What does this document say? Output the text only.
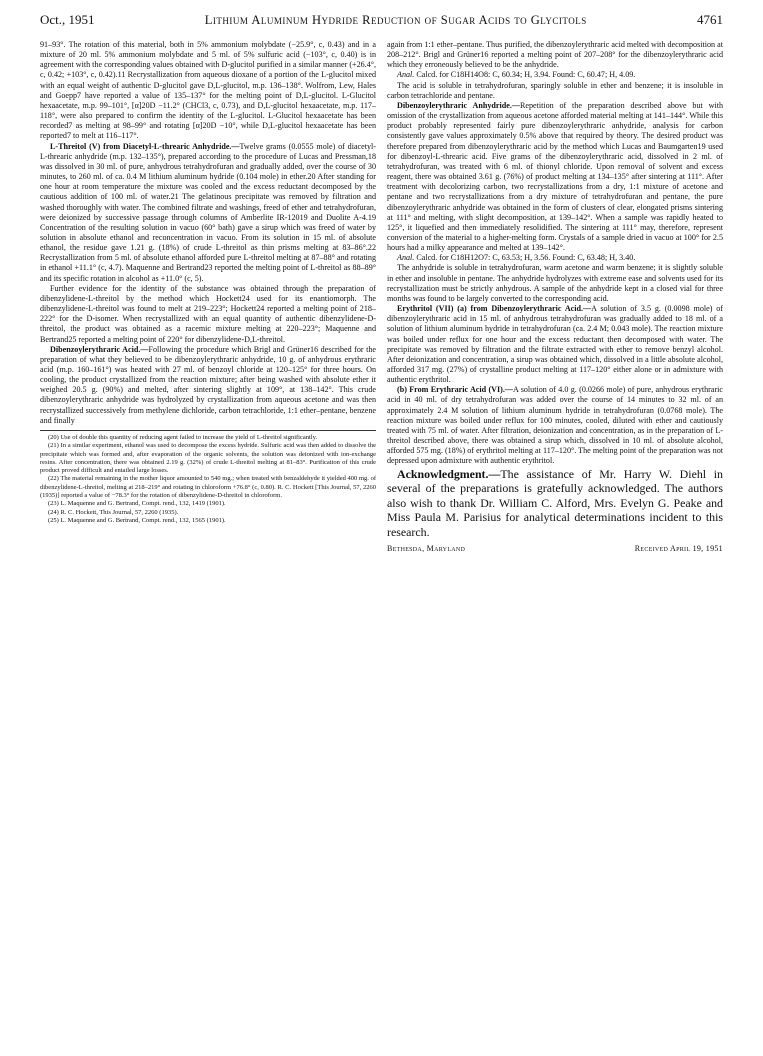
Oct., 1951	Lithium Aluminum Hydride Reduction of Sugar Acids to Glycitols	4761

91–93°. The rotation of this material, both in 5% ammonium molybdate (−25.9°, c, 0.43) and in a mixture of 20 ml. 5% ammonium molybdate and 5 ml. of 5% sulfuric acid (−103°, c, 0.40) is in agreement with the corresponding values obtained with D-glucitol purified in a similar manner (+26.4°, c, 0.42; +103°, c, 0.42).11 Recrystallization from aqueous dioxane of a portion of the L-glucitol mixed with an equal weight of authentic D-glucitol gave D,L-glucitol, m.p. 136–138°. Wolfrom, Lew, Hales and Goepp7 have reported a value of 135–137° for the melting point of D,L-glucitol. L-Glucitol hexaacetate, m.p. 99–101°, [α]20D −11.2° (CHCl3, c, 0.73), and D,L-glucitol hexaacetate, m.p. 117–118°, were also prepared to confirm the identity of the L-glucitol. L-Glucitol hexaacetate has been recorded7 as melting at 98–99° and rotating [α]20D −10°, while D,L-glucitol hexaacetate has been reported7 to melt at 116–117°.

L-Threitol (V) from Diacetyl-L-threaric Anhydride.—Twelve grams (0.0555 mole) of diacetyl-L-threaric anhydride (m.p. 132–135°), prepared according to the procedure of Lucas and Pressman,18 was dissolved in 30 ml. of pure, anhydrous tetrahydrofuran and gradually added, over the course of 30 minutes, to 260 ml. of ca. 0.4 M lithium aluminum hydride (0.104 mole) in ether.20 After standing for one hour at room temperature the mixture was cooled and the excess reductant decomposed by the cautious addition of 100 ml. of water.21 The gelatinous precipitate was removed by filtration and washed thoroughly with water. The combined filtrate and washings, freed of ether and tetrahydrofuran, were deionized by successive passage through columns of Amberlite IR-12019 and Duolite A-4.19 Concentration of the resulting solution in vacuo (60° bath) gave a sirup which was freed of water by solution in absolute ethanol and reconcentration in vacuo. From its solution in 15 ml. of absolute ethanol, the residue gave 1.21 g. (18%) of crude L-threitol as thin prisms melting at 83–86°.22 Recrystallization from 5 ml. of absolute ethanol afforded pure L-threitol melting at 87–88° and rotating in ethanol +11.1° (c, 4.7). Maquenne and Bertrand23 reported the melting point of L-threitol as 88–89° and its specific rotation in alcohol as +11.0° (c, 5).

Further evidence for the identity of the substance was obtained through the preparation of dibenzylidene-L-threitol by the method which Hockett24 used for its enantiomorph. The dibenzylidene-L-threitol was found to melt at 219–223°; Hockett24 reported a melting point of 218–222° for the D-isomer. When recrystallized with an equal quantity of authentic dibenzylidene-D-threitol, the product was obtained as a racemic mixture melting at 220–223°; Maquenne and Bertrand25 reported a melting point of 220° for dibenzylidene-D,L-threitol.

Dibenzoylerythraric Acid.—Following the procedure which Brigl and Grüner16 described for the preparation of what they believed to be dibenzoylerythraric anhydride, 10 g. of anhydrous erythraric acid (m.p. 160–161°) was heated with 27 ml. of benzoyl chloride at 120–125° for three hours. On cooling, the product crystallized from the reaction mixture; after being washed with absolute ether it weighed 20.5 g. (90%) and melted, after sintering slightly at 109°, at 138–142°. This crude dibenzoylerythraric anhydride was hydrolyzed by crystallization from aqueous acetone and was then recrystallized successively from methylene dichloride, carbon tetrachloride, 1:1 ether–pentane, benzene and finally

(20) Use of double this quantity of reducing agent failed to increase the yield of L-threitol significantly.

(21) In a similar experiment, ethanol was used to decompose the excess hydride. Sulfuric acid was then added to dissolve the precipitate which was formed and, after evaporation of the organic solvents, the solution was deionized with ion-exchange resins. After concentration, there was obtained 2.19 g. (32%) of crude L-threitol melting at 81–83°. Purification of this crude product proved difficult and entailed large losses.

(22) The material remaining in the mother liquor amounted to 540 mg.; when treated with benzaldehyde it yielded 400 mg. of dibenzylidene-L-threitol, melting at 218–219° and rotating in chloroform +76.8° (c, 0.80). R. C. Hockett [This Journal, 57, 2260 (1935)] reported a value of −78.3° for the rotation of dibenzylidene-D-threitol in chloroform.

(23) L. Maquenne and G. Bertrand, Compt. rend., 132, 1419 (1901).

(24) R. C. Hockett, This Journal, 57, 2260 (1935).

(25) L. Maquenne and G. Bertrand, Compt. rend., 132, 1565 (1901).

again from 1:1 ether–pentane. Thus purified, the dibenzoylerythraric acid melted with decomposition at 208–212°. Brigl and Grüner16 reported a melting point of 207–208° for the dibenzoylerythraric acid which they erroneously believed to be the anhydride.

Anal. Calcd. for C18H14O8: C, 60.34; H, 3.94. Found: C, 60.47; H, 4.09.

The acid is soluble in tetrahydrofuran, sparingly soluble in ether and benzene; it is insoluble in carbon tetrachloride and pentane.

Dibenzoylerythraric Anhydride.—Repetition of the preparation described above but with omission of the crystallization from aqueous acetone afforded material melting at 141–144°. While this product probably represented fairly pure dibenzoylerythraric anhydride, analysis for carbon consistently gave values approximately 0.5% above that required by theory. The desired product was therefore prepared from dibenzoylerythraric acid by the method which Lucas and Baumgarten19 used for dibenzoyl-L-threaric acid. Five grams of the dibenzoylerythraric acid, dissolved in 2 ml. of tetrahydrofuran, was treated with 6 ml. of thionyl chloride. Upon removal of solvent and excess reagent, there was obtained 3.61 g. (76%) of product melting at 134–135° after sintering at 111°. After treatment with decolorizing carbon, two recrystallizations from a dry, 1:1 mixture of acetone and pentane and two recrystallizations from a dry mixture of tetrahydrofuran and pentane, the pure dibenzoylerythraric anhydride was obtained in the form of clusters of clear, elongated prisms sintering at 111° and melting, with slight decomposition, at 139–142°. When a sample was rapidly heated to 125°, it liquefied and then immediately resolidified. The sintering at 111° may, therefore, represent conversion of the material to a higher-melting form. Crystals of a sample dried in vacuo at 100° for 2.5 hours had a milky appearance and melted at 139–142°.

Anal. Calcd. for C18H12O7: C, 63.53; H, 3.56. Found: C, 63.48; H, 3.40.

The anhydride is soluble in tetrahydrofuran, warm acetone and warm benzene; it is slightly soluble in ether and insoluble in pentane. The anhydride hydrolyzes with extreme ease and solvents used for its recrystallization must be strictly anhydrous. A sample of the anhydride kept in a closed vial for three months was found to be largely converted to the corresponding acid.

Erythritol (VII) (a) from Dibenzoylerythraric Acid.—A solution of 3.5 g. (0.0098 mole) of dibenzoylerythraric acid in 15 ml. of anhydrous tetrahydrofuran was gradually added to 18 ml. of a solution of lithium aluminum hydride in tetrahydrofuran (ca. 2.4 M; 0.043 mole). The reaction mixture was boiled under reflux for one hour and the excess reductant then decomposed with water. The precipitate was removed by filtration and the filtrate extracted with ether to remove benzyl alcohol. After deionization and concentration, a sirup was obtained which, dissolved in a little absolute alcohol, afforded 317 mg. (27%) of crystalline product melting at 117–120° either alone or in admixture with authentic erythritol.

(b) From Erythraric Acid (VI).—A solution of 4.0 g. (0.0266 mole) of pure, anhydrous erythraric acid in 40 ml. of dry tetrahydrofuran was added over the course of 14 minutes to 32 ml. of an approximately 2.4 M solution of lithium aluminum hydride in tetrahydrofuran (0.0768 mole). The reaction mixture was boiled under reflux for 100 minutes, cooled, diluted with ether and cautiously treated with 75 ml. of water. After filtration, deionization and concentration, as in the preparation of L-threitol described above, there was obtained a sirup which, dissolved in 10 ml. of absolute alcohol, afforded 575 mg. (18%) of erythritol melting at 117–120°. The melting point of the preparation was not depressed upon admixture with authentic erythritol.

Acknowledgment.—The assistance of Mr. Harry W. Diehl in several of the preparations is gratefully acknowledged. The authors also wish to thank Dr. William C. Alford, Mrs. Evelyn G. Peake and Miss Paula M. Parisius for analytical determinations incident to this research.

Bethesda, Maryland	Received April 19, 1951
